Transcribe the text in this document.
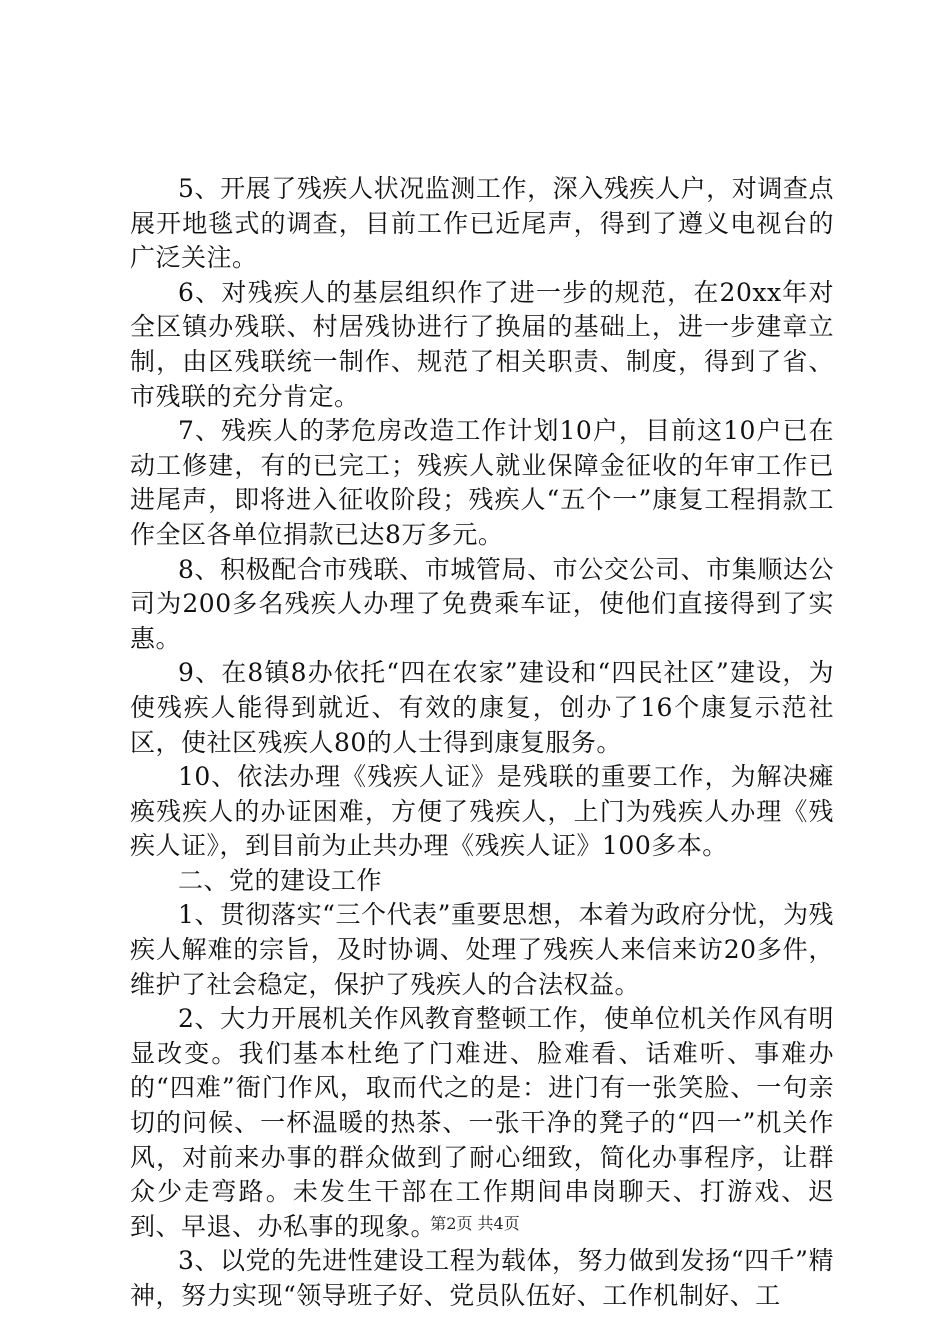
5、开展了残疾人状况监测工作，深入残疾人户，对调查点展开地毯式的调查，目前工作已近尾声，得到了遵义电视台的广泛关注。

6、对残疾人的基层组织作了进一步的规范，在20xx年对全区镇办残联、村居残协进行了换届的基础上，进一步建章立制，由区残联统一制作、规范了相关职责、制度，得到了省、市残联的充分肯定。

7、残疾人的茅危房改造工作计划10户，目前这10户已在动工修建，有的已完工；残疾人就业保障金征收的年审工作已进尾声，即将进入征收阶段；残疾人“五个一”康复工程捐款工作全区各单位捐款已达8万多元。

8、积极配合市残联、市城管局、市公交公司、市集顺达公司为200多名残疾人办理了免费乘车证，使他们直接得到了实惠。

9、在8镇8办依托“四在农家”建设和“四民社区”建设，为使残疾人能得到就近、有效的康复，创办了16个康复示范社区，使社区残疾人80的人士得到康复服务。

10、依法办理《残疾人证》是残联的重要工作，为解决瘫痪残疾人的办证困难，方便了残疾人，上门为残疾人办理《残疾人证》，到目前为止共办理《残疾人证》100多本。

二、党的建设工作

1、贯彻落实“三个代表”重要思想，本着为政府分忧，为残疾人解难的宗旨，及时协调、处理了残疾人来信来访20多件，维护了社会稳定，保护了残疾人的合法权益。

2、大力开展机关作风教育整顿工作，使单位机关作风有明显改变。我们基本杜绝了门难进、脸难看、话难听、事难办的“四难”衙门作风，取而代之的是：进门有一张笑脸、一句亲切的问候、一杯温暖的热茶、一张干净的凳子的“四一”机关作风，对前来办事的群众做到了耐心细致，简化办事程序，让群众少走弯路。未发生干部在工作期间串岗聊天、打游戏、迟到、早退、办私事的现象。

3、以党的先进性建设工程为载体，努力做到发扬“四千”精神，努力实现“领导班子好、党员队伍好、工作机制好、工

第2页 共4页
